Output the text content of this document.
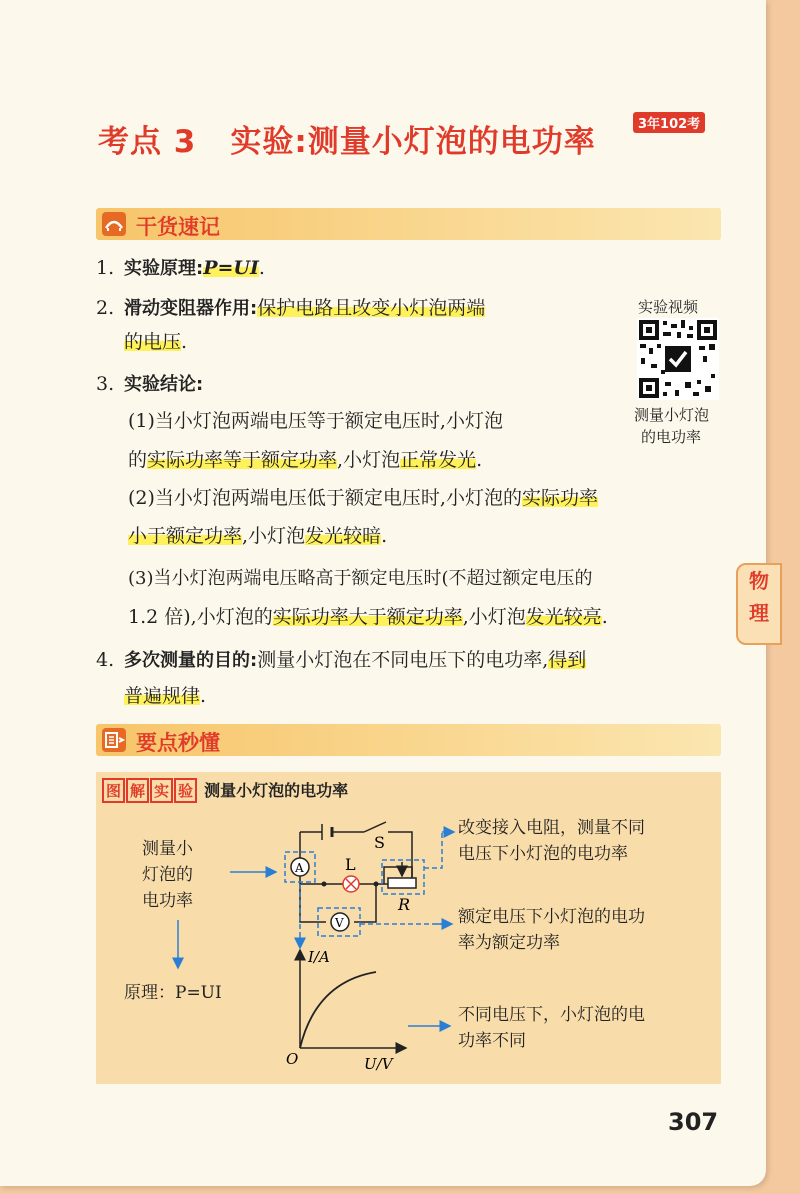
考点 3 实验:测量小灯泡的电功率	3年102考
干货速记
1. 实验原理:P=UI.
2. 滑动变阻器作用:保护电路且改变小灯泡两端
的电压.
实验视频
测量小灯泡
的电功率
3. 实验结论:
(1)当小灯泡两端电压等于额定电压时,小灯泡
的实际功率等于额定功率,小灯泡正常发光.
(2)当小灯泡两端电压低于额定电压时,小灯泡的实际功率
小于额定功率,小灯泡发光较暗.
(3)当小灯泡两端电压略高于额定电压时(不超过额定电压的
1.2 倍),小灯泡的实际功率大于额定功率,小灯泡发光较亮.
4. 多次测量的目的:测量小灯泡在不同电压下的电功率,得到
普遍规律.
物
理
要点秒懂
图 解 实 验 测量小灯泡的电功率
测量小
灯泡的
电功率
原理：P=UI
改变接入电阻，测量不同
电压下小灯泡的电功率
额定电压下小灯泡的电功
率为额定功率
不同电压下，小灯泡的电
功率不同
A
V
S
L
R
I/A
U/V
O
307
